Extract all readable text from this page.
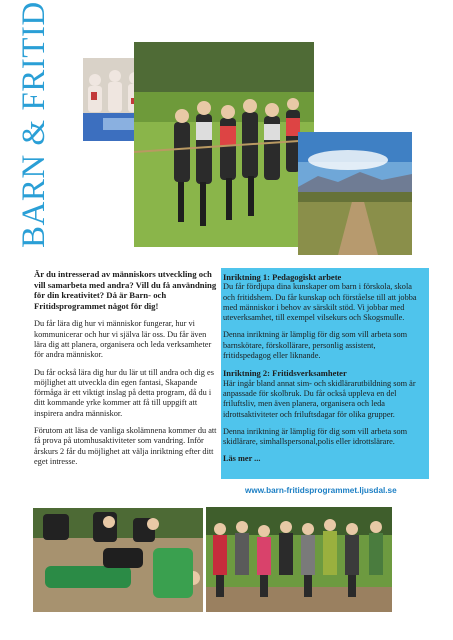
BARN & FRITID

Är du intresserad av människors utveckling och vill samarbeta med andra? Vill du få användning för din kreativitet? Då är Barn- och Fritidsprogrammet något för dig!

Du får lära dig hur vi människor fungerar, hur vi kommunicerar och hur vi själva lär oss. Du får även lära dig att planera, organisera och leda verksamheter för andra människor.

Du får också lära dig hur du lär ut till andra och dig es möjlighet att utveckla din egen fantasi, Skapande förmåga är ett viktigt inslag på detta program, då du i ditt kommande yrke kommer att få till uppgift att inspirera andra människor.

Förutom att läsa de vanliga skolämnena kommer du att få prova på utomhusaktiviteter som vandring. Inför årskurs 2 får du möjlighet att välja inriktning efter ditt eget intresse.

Inriktning 1: Pedagogiskt arbete

Du får fördjupa dina kunskaper om barn i förskola, skola och fritidshem. Du får kunskap och förståelse till att jobba med människor i behov av särskilt stöd. Vi jobbar med uteverksamhet, till exempel vilsekurs och Skogsmulle.

Denna inriktning är lämplig för dig som vill arbeta som barnskötare, förskollärare, personlig assistent, fritidspedagog eller liknande.

Inriktning 2: Fritidsverksamheter

Här ingår bland annat sim- och skidlärarutbildning som är anpassade för skolbruk. Du får också uppleva en del friluftsliv, men även planera, organisera och leda idrottsaktiviteter och friluftsdagar för olika grupper.

Denna inriktning är lämplig för dig som vill arbeta som skidlärare, simhallspersonal,polis eller idrottslärare.

Läs mer ...

www.barn-fritidsprogrammet.ljusdal.se
